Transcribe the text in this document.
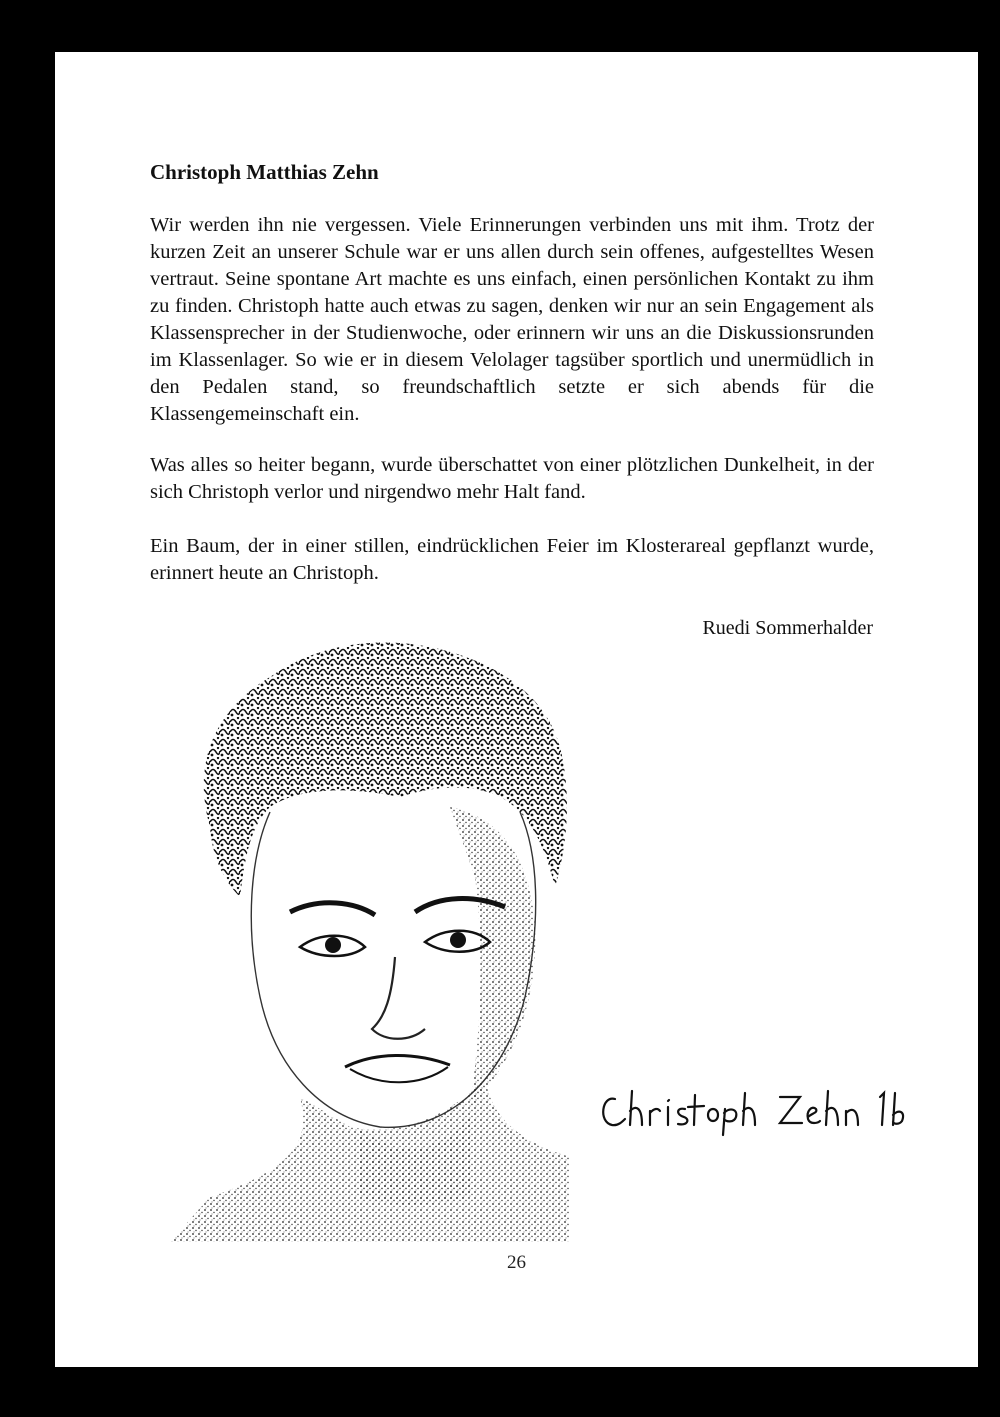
Christoph Matthias Zehn

Wir werden ihn nie vergessen. Viele Erinnerungen verbinden uns mit ihm. Trotz der kurzen Zeit an unserer Schule war er uns allen durch sein offenes, aufgestelltes Wesen vertraut. Seine spontane Art machte es uns einfach, einen persönlichen Kontakt zu ihm zu finden. Christoph hatte auch etwas zu sagen, denken wir nur an sein Engagement als Klassensprecher in der Studienwoche, oder erinnern wir uns an die Diskussionsrunden im Klassenlager. So wie er in diesem Velolager tagsüber sportlich und unermüdlich in den Pedalen stand, so freundschaftlich setzte er sich abends für die Klassengemeinschaft ein.

Was alles so heiter begann, wurde überschattet von einer plötzlichen Dunkelheit, in der sich Christoph verlor und nirgendwo mehr Halt fand.

Ein Baum, der in einer stillen, eindrücklichen Feier im Klosterareal gepflanzt wurde, erinnert heute an Christoph.

Ruedi Sommerhalder

26
